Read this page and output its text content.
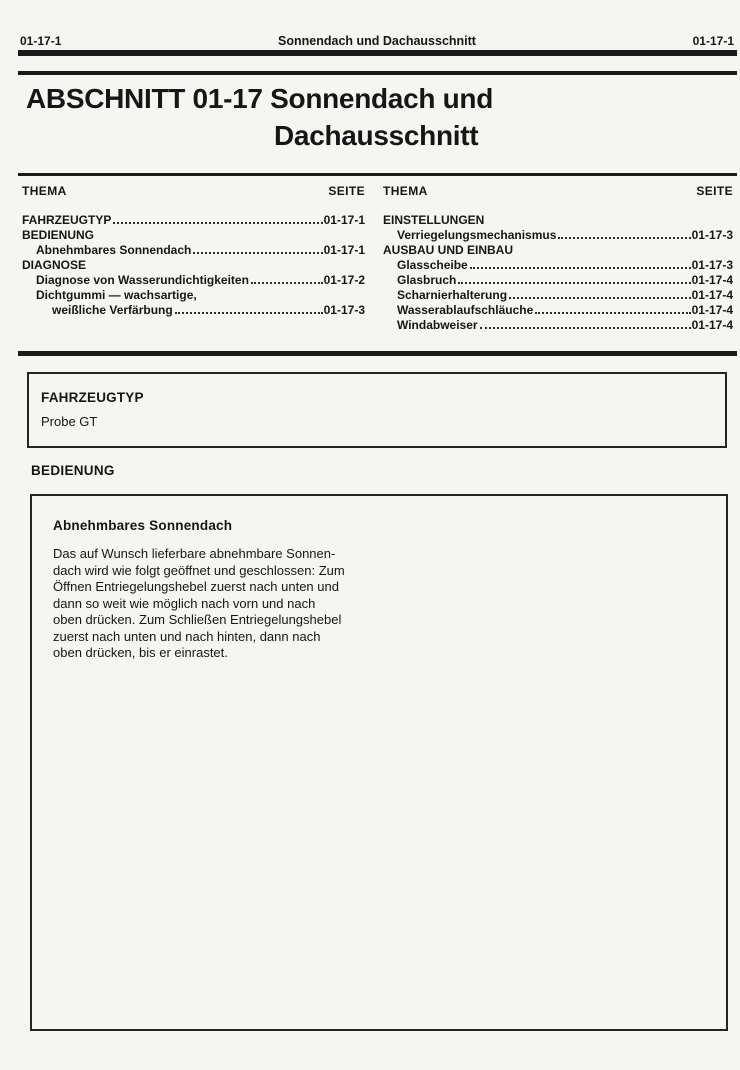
01-17-1	Sonnendach und Dachausschnitt	01-17-1
ABSCHNITT 01-17 Sonnendach und
Dachausschnitt
THEMA	SEITE
FAHRZEUGTYP	01-17-1
BEDIENUNG
Abnehmbares Sonnendach	01-17-1
DIAGNOSE
Diagnose von Wasserundichtigkeiten	01-17-2
Dichtgummi — wachsartige,
weißliche Verfärbung	01-17-3
THEMA	SEITE
EINSTELLUNGEN
Verriegelungsmechanismus	01-17-3
AUSBAU UND EINBAU
Glasscheibe	01-17-3
Glasbruch	01-17-4
Scharnierhalterung	01-17-4
Wasserablaufschläuche	01-17-4
Windabweiser	01-17-4
FAHRZEUGTYP
Probe GT
BEDIENUNG
Abnehmbares Sonnendach
Das auf Wunsch lieferbare abnehmbare Sonnen-
dach wird wie folgt geöffnet und geschlossen: Zum
Öffnen Entriegelungshebel zuerst nach unten und
dann so weit wie möglich nach vorn und nach
oben drücken. Zum Schließen Entriegelungshebel
zuerst nach unten und nach hinten, dann nach
oben drücken, bis er einrastet.
